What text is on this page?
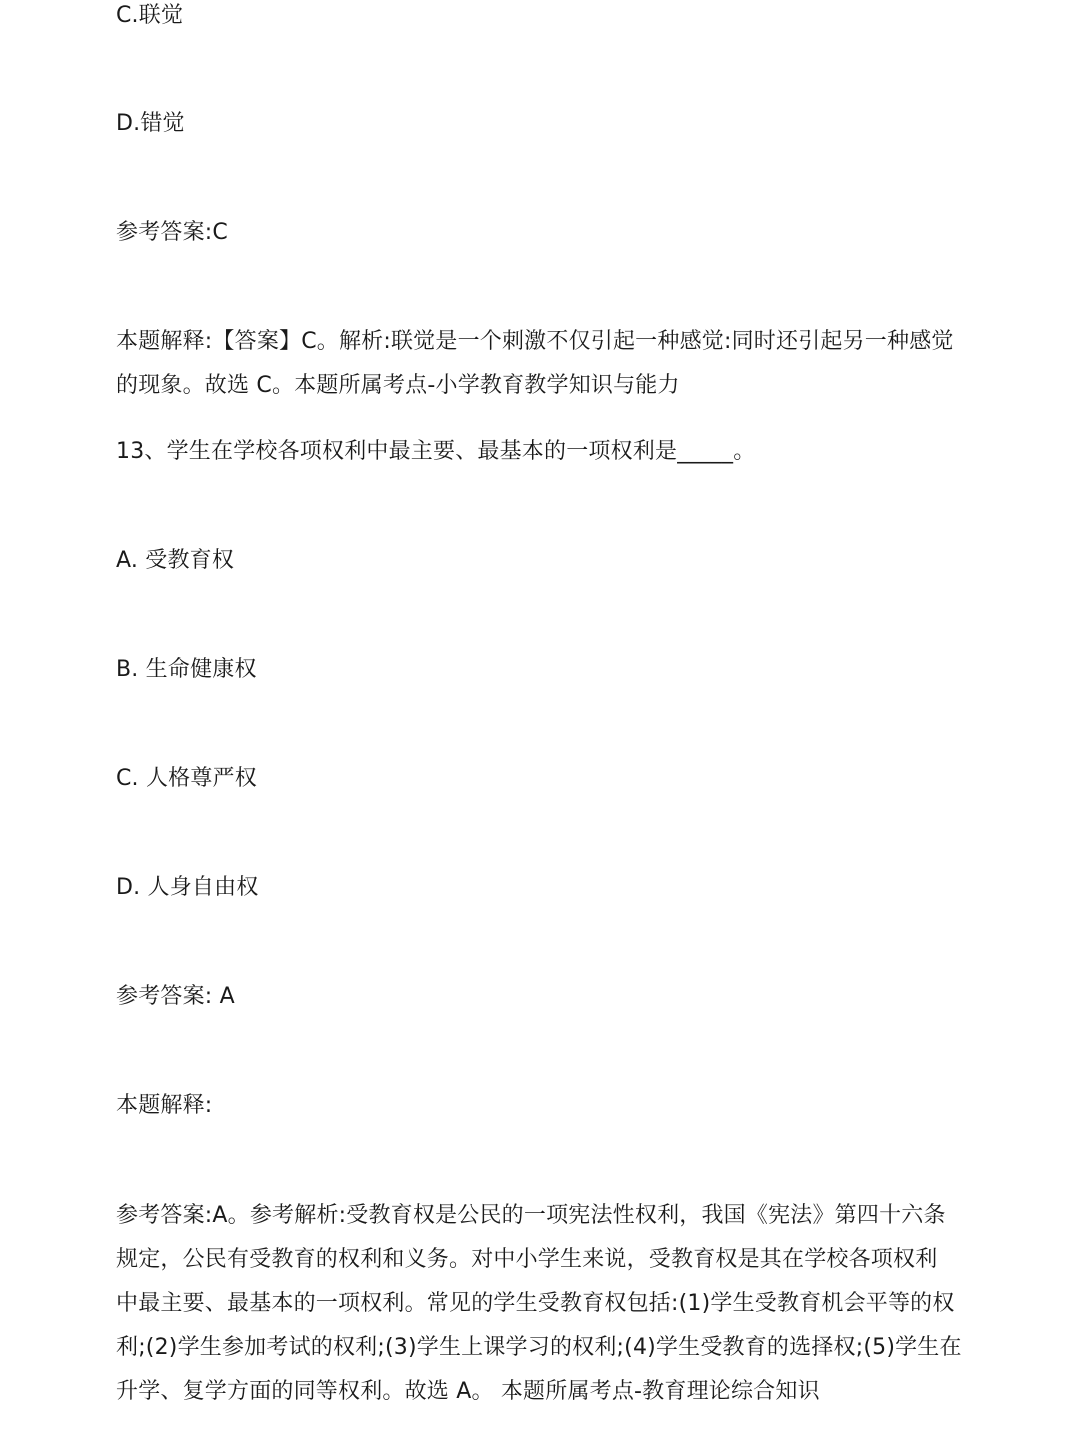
C.联觉
D.错觉
参考答案:C
本题解释:【答案】C。解析:联觉是一个刺激不仅引起一种感觉:同时还引起另一种感觉
的现象。故选 C。本题所属考点-小学教育教学知识与能力
13、学生在学校各项权利中最主要、最基本的一项权利是_____。
A. 受教育权
B. 生命健康权
C. 人格尊严权
D. 人身自由权
参考答案: A
本题解释:
参考答案:A。参考解析:受教育权是公民的一项宪法性权利，我国《宪法》第四十六条
规定，公民有受教育的权利和义务。对中小学生来说，受教育权是其在学校各项权利
中最主要、最基本的一项权利。常见的学生受教育权包括:(1)学生受教育机会平等的权
利;(2)学生参加考试的权利;(3)学生上课学习的权利;(4)学生受教育的选择权;(5)学生在
升学、复学方面的同等权利。故选 A。 本题所属考点-教育理论综合知识
